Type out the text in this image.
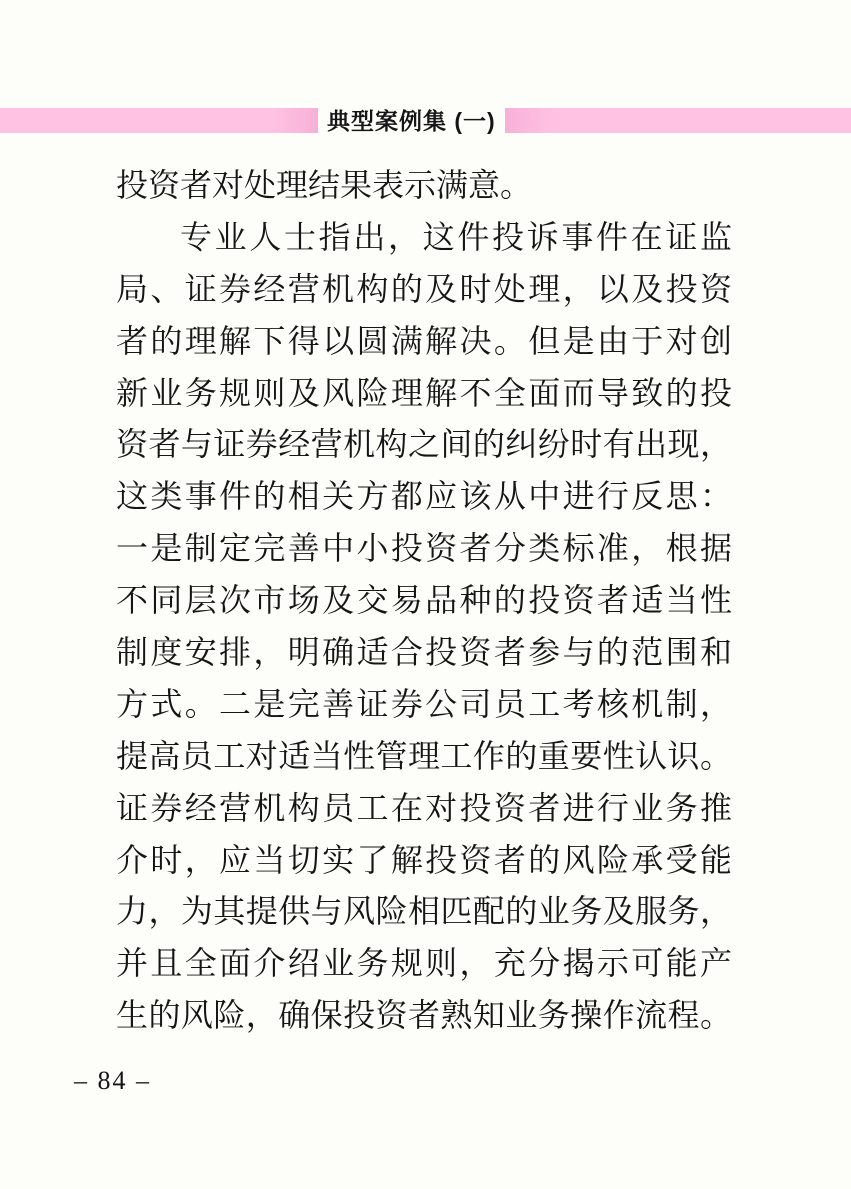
典型案例集 (一)
投资者对处理结果表示满意。
专业人士指出，这件投诉事件在证监
局、证券经营机构的及时处理，以及投资
者的理解下得以圆满解决。但是由于对创
新业务规则及风险理解不全面而导致的投
资者与证券经营机构之间的纠纷时有出现，
这类事件的相关方都应该从中进行反思：
一是制定完善中小投资者分类标准，根据
不同层次市场及交易品种的投资者适当性
制度安排，明确适合投资者参与的范围和
方式。二是完善证券公司员工考核机制，
提高员工对适当性管理工作的重要性认识。
证券经营机构员工在对投资者进行业务推
介时，应当切实了解投资者的风险承受能
力，为其提供与风险相匹配的业务及服务，
并且全面介绍业务规则，充分揭示可能产
生的风险，确保投资者熟知业务操作流程。
– 84 –
